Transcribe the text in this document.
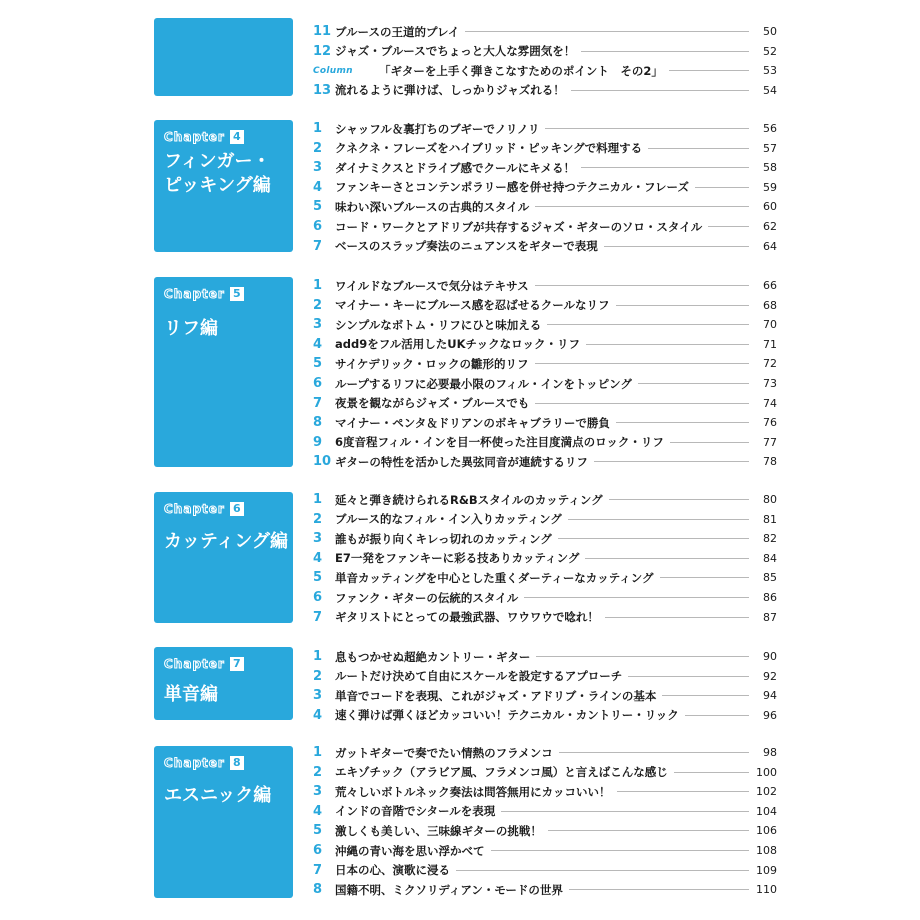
11 ブルースの王道的プレイ	50
12 ジャズ・ブルースでちょっと大人な雰囲気を！	52
Column	「ギターを上手く弾きこなすためのポイント　その2」	53
13 流れるように弾けば、しっかりジャズれる！	54
Chapter 4
フィンガー・
ピッキング編
1	シャッフル＆裏打ちのブギーでノリノリ	56
2	クネクネ・フレーズをハイブリッド・ピッキングで料理する	57
3	ダイナミクスとドライブ感でクールにキメる！	58
4	ファンキーさとコンテンポラリー感を併せ持つテクニカル・フレーズ	59
5	味わい深いブルースの古典的スタイル	60
6	コード・ワークとアドリブが共存するジャズ・ギターのソロ・スタイル	62
7	ベースのスラップ奏法のニュアンスをギターで表現	64
Chapter 5
リフ編
1	ワイルドなブルースで気分はテキサス	66
2	マイナー・キーにブルース感を忍ばせるクールなリフ	68
3	シンプルなボトム・リフにひと味加える	70
4	add9をフル活用したUKチックなロック・リフ	71
5	サイケデリック・ロックの雛形的リフ	72
6	ループするリフに必要最小限のフィル・インをトッピング	73
7	夜景を観ながらジャズ・ブルースでも	74
8	マイナー・ペンタ＆ドリアンのボキャブラリーで勝負	76
9	6度音程フィル・インを目一杯使った注目度満点のロック・リフ	77
10 ギターの特性を活かした異弦同音が連続するリフ	78
Chapter 6
カッティング編
1	延々と弾き続けられるR&Bスタイルのカッティング	80
2	ブルース的なフィル・イン入りカッティング	81
3	誰もが振り向くキレっ切れのカッティング	82
4	E7一発をファンキーに彩る技ありカッティング	84
5	単音カッティングを中心とした重くダーティーなカッティング	85
6	ファンク・ギターの伝統的スタイル	86
7	ギタリストにとっての最強武器、ワウワウで唸れ！	87
Chapter 7
単音編
1	息もつかせぬ超絶カントリー・ギター	90
2	ルートだけ決めて自由にスケールを設定するアプローチ	92
3	単音でコードを表現、これがジャズ・アドリブ・ラインの基本	94
4	速く弾けば弾くほどカッコいい！テクニカル・カントリー・リック	96
Chapter 8
エスニック編
1	ガットギターで奏でたい情熱のフラメンコ	98
2	エキゾチック（アラビア風、フラメンコ風）と言えばこんな感じ	100
3	荒々しいボトルネック奏法は問答無用にカッコいい！	102
4	インドの音階でシタールを表現	104
5	激しくも美しい、三味線ギターの挑戦！	106
6	沖縄の青い海を思い浮かべて	108
7	日本の心、演歌に浸る	109
8	国籍不明、ミクソリディアン・モードの世界	110
